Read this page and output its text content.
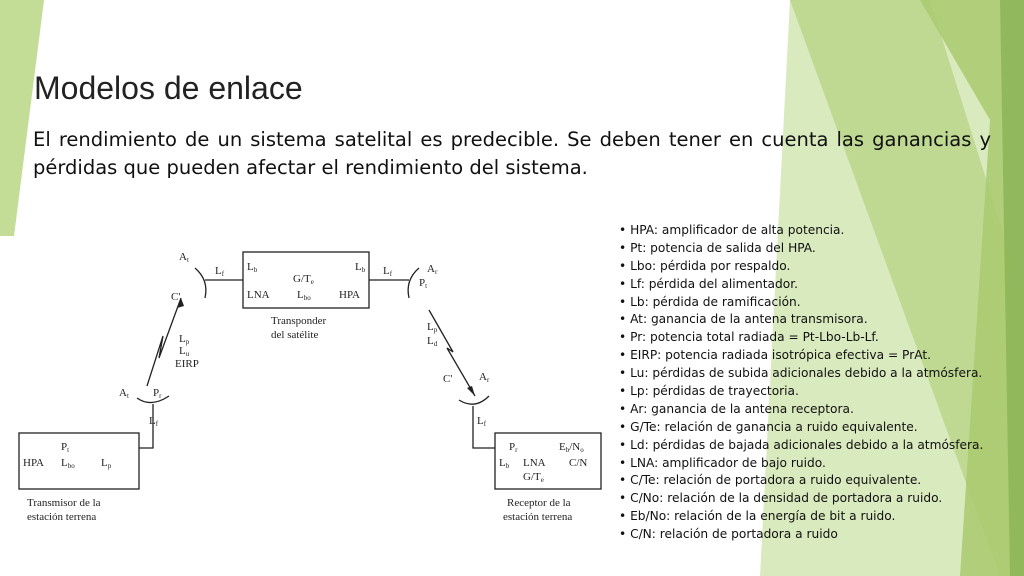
Modelos de enlace

El rendimiento de un sistema satelital es predecible. Se deben tener en cuenta las ganancias y pérdidas que pueden afectar el rendimiento del sistema.

Lb
G/Te
Lb
LNA Lbo	HPA
Transponder
del satélite
At
Lf
C'
Lp
Lu
EIRP
At Pr
Lf
Lf	Ar
Pt
Lp
Ld
C' Ar
Lf
Pt
HPA Lbo Lp
Transmisor de la
estación terrena
Pr	Eb/No
Lb LNA C/N
G/Te
Receptor de la
estación terrena
• HPA: amplificador de alta potencia.
• Pt: potencia de salida del HPA.
• Lbo: pérdida por respaldo.
• Lf: pérdida del alimentador.
• Lb: pérdida de ramificación.
• At: ganancia de la antena transmisora.
• Pr: potencia total radiada = Pt-Lbo-Lb-Lf.
• EIRP: potencia radiada isotrópica efectiva = PrAt.
• Lu: pérdidas de subida adicionales debido a la atmósfera.
• Lp: pérdidas de trayectoria.
• Ar: ganancia de la antena receptora.
• G/Te: relación de ganancia a ruido equivalente.
• Ld: pérdidas de bajada adicionales debido a la atmósfera.
• LNA: amplificador de bajo ruido.
• C/Te: relación de portadora a ruido equivalente.
• C/No: relación de la densidad de portadora a ruido.
• Eb/No: relación de la energía de bit a ruido.
• C/N: relación de portadora a ruido
